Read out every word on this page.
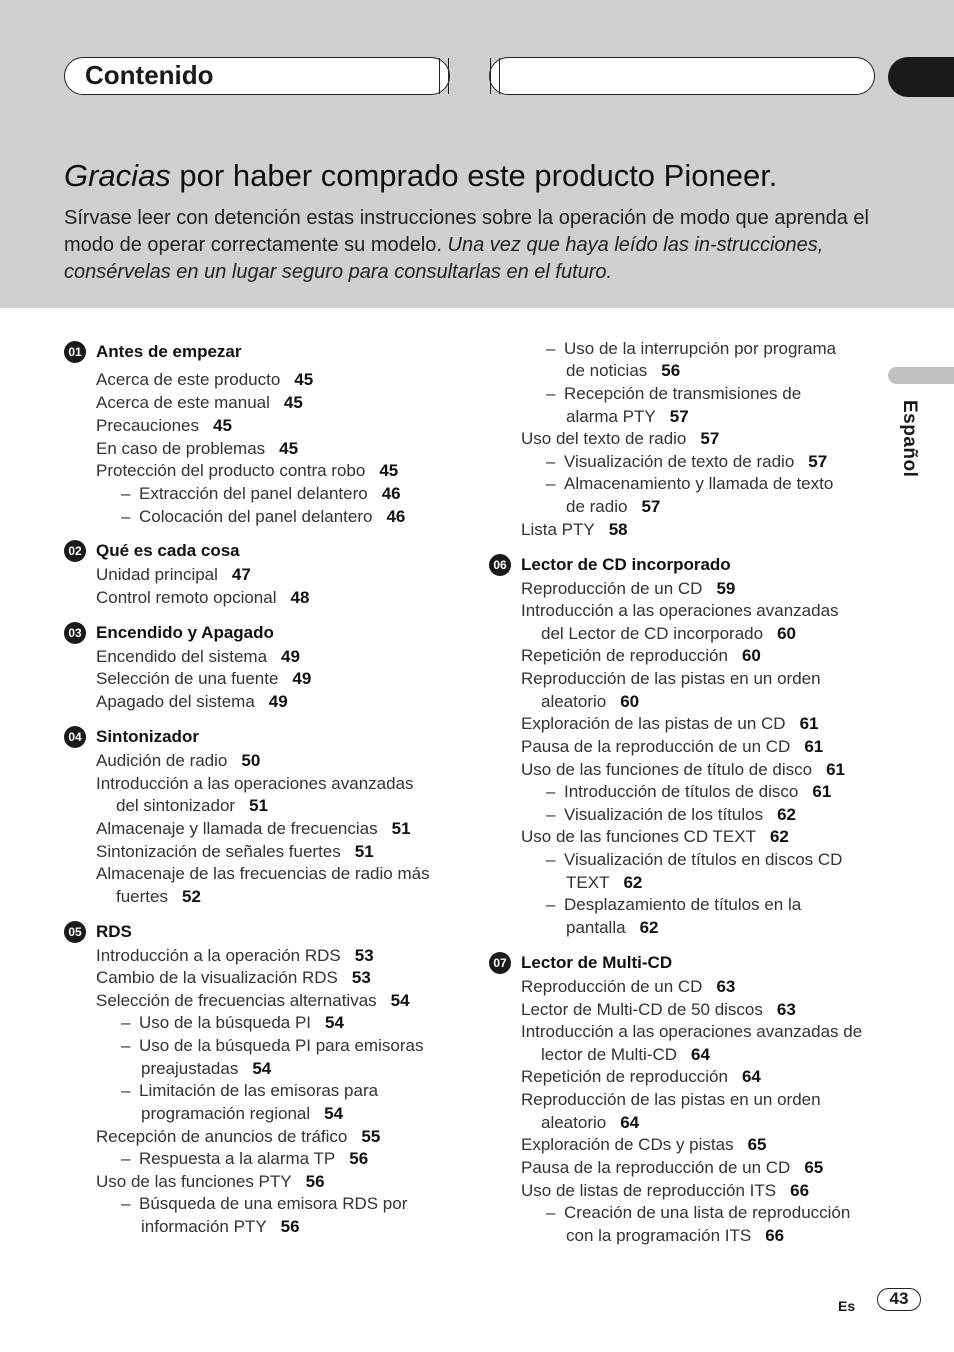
Contenido
Gracias por haber comprado este producto Pioneer.
Sírvase leer con detención estas instrucciones sobre la operación de modo que aprenda el modo de operar correctamente su modelo. Una vez que haya leído las in-strucciones, consérvelas en un lugar seguro para consultarlas en el futuro.
Español
Es	43
01 Antes de empezar
Acerca de este producto 45
Acerca de este manual 45
Precauciones 45
En caso de problemas 45
Protección del producto contra robo 45
– Extracción del panel delantero 46
– Colocación del panel delantero 46
02 Qué es cada cosa
Unidad principal 47
Control remoto opcional 48
03 Encendido y Apagado
Encendido del sistema 49
Selección de una fuente 49
Apagado del sistema 49
04 Sintonizador
Audición de radio 50
Introducción a las operaciones avanzadas
del sintonizador 51
Almacenaje y llamada de frecuencias 51
Sintonización de señales fuertes 51
Almacenaje de las frecuencias de radio más
fuertes 52
05 RDS
Introducción a la operación RDS 53
Cambio de la visualización RDS 53
Selección de frecuencias alternativas 54
– Uso de la búsqueda PI 54
– Uso de la búsqueda PI para emisoras
preajustadas 54
– Limitación de las emisoras para
programación regional 54
Recepción de anuncios de tráfico 55
– Respuesta a la alarma TP 56
Uso de las funciones PTY 56
– Búsqueda de una emisora RDS por
información PTY 56
– Uso de la interrupción por programa
de noticias 56
– Recepción de transmisiones de
alarma PTY 57
Uso del texto de radio 57
– Visualización de texto de radio 57
– Almacenamiento y llamada de texto
de radio 57
Lista PTY 58
06 Lector de CD incorporado
Reproducción de un CD 59
Introducción a las operaciones avanzadas
del Lector de CD incorporado 60
Repetición de reproducción 60
Reproducción de las pistas en un orden
aleatorio 60
Exploración de las pistas de un CD 61
Pausa de la reproducción de un CD 61
Uso de las funciones de título de disco 61
– Introducción de títulos de disco 61
– Visualización de los títulos 62
Uso de las funciones CD TEXT 62
– Visualización de títulos en discos CD
TEXT 62
– Desplazamiento de títulos en la
pantalla 62
07 Lector de Multi-CD
Reproducción de un CD 63
Lector de Multi-CD de 50 discos 63
Introducción a las operaciones avanzadas de
lector de Multi-CD 64
Repetición de reproducción 64
Reproducción de las pistas en un orden
aleatorio 64
Exploración de CDs y pistas 65
Pausa de la reproducción de un CD 65
Uso de listas de reproducción ITS 66
– Creación de una lista de reproducción
con la programación ITS 66
